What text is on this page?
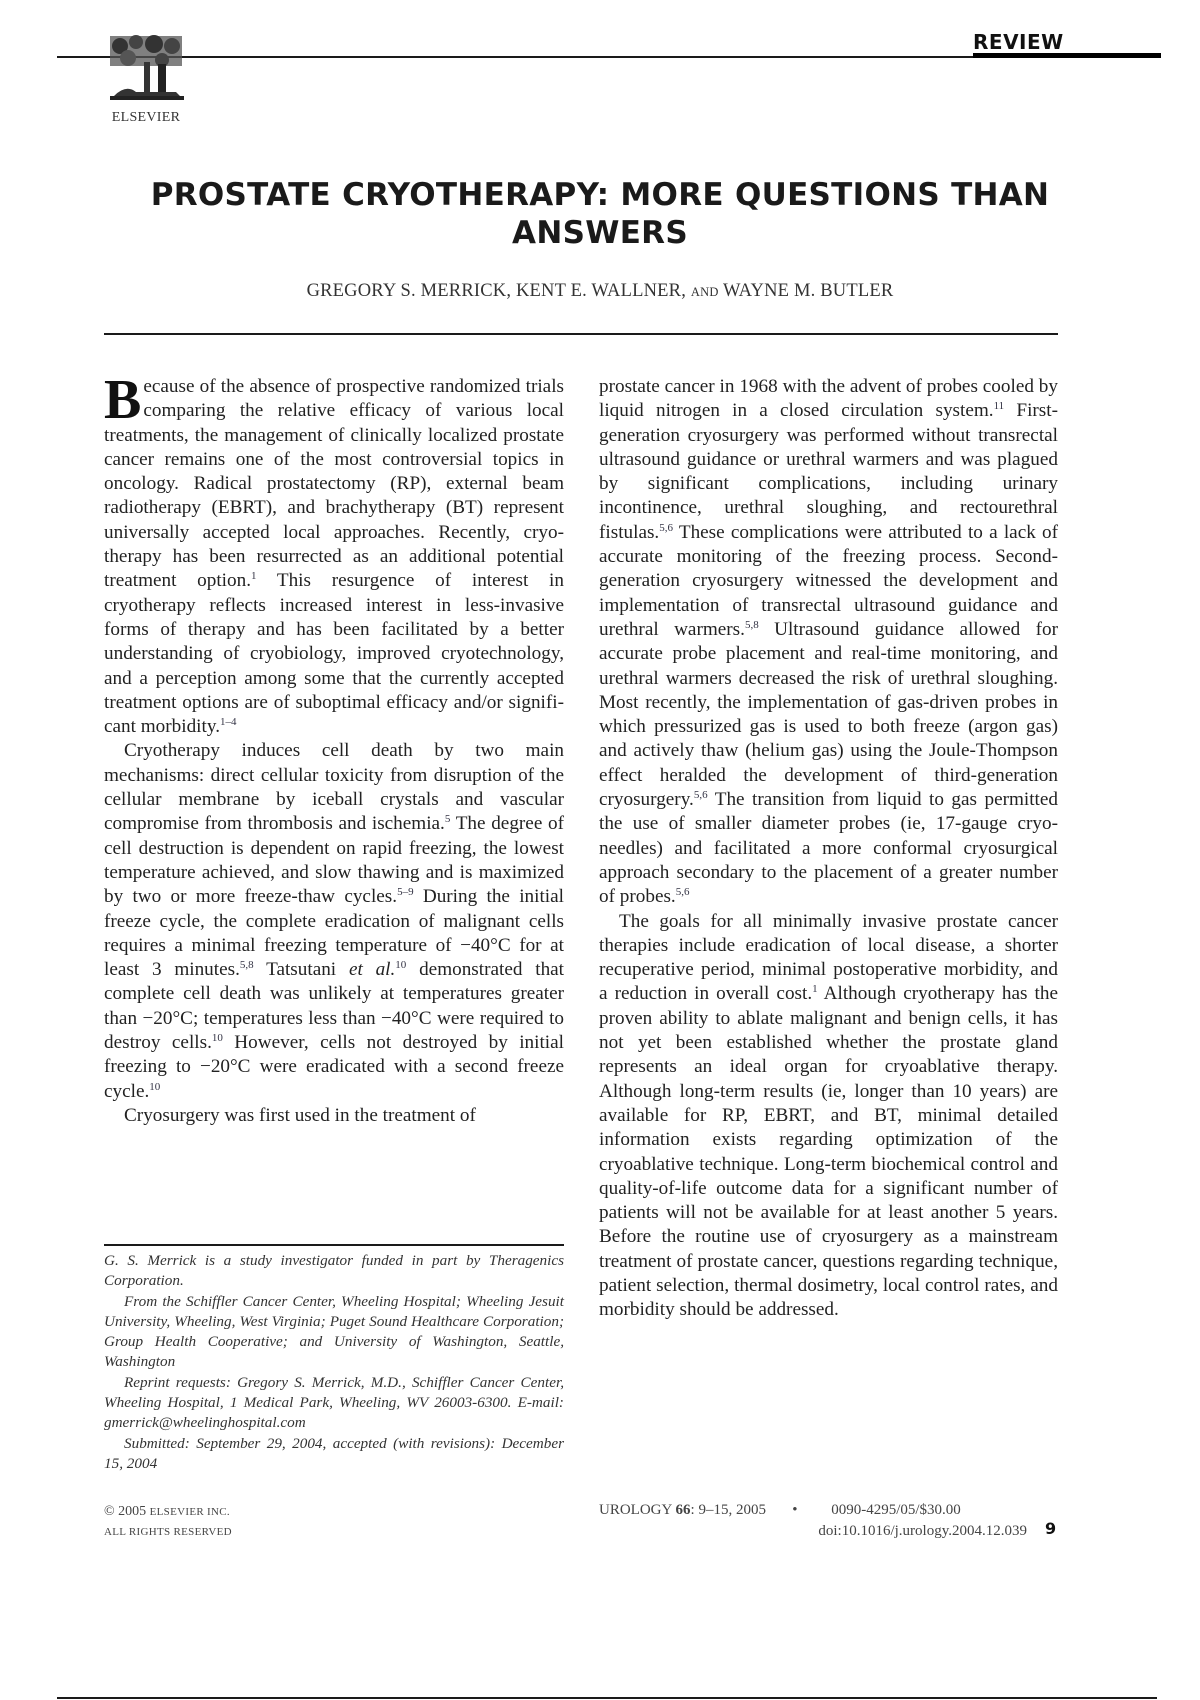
REVIEW
ELSEVIER
PROSTATE CRYOTHERAPY: MORE QUESTIONS THAN ANSWERS
GREGORY S. MERRICK, KENT E. WALLNER, AND WAYNE M. BUTLER

Because of the absence of prospective randomized trials comparing the relative efficacy of various local treatments, the management of clinically localized prostate cancer remains one of the most controversial topics in oncology. Radical prostatectomy (RP), external beam radiotherapy (EBRT), and brachytherapy (BT) represent universally accepted local approaches. Recently, cryotherapy has been resurrected as an additional potential treatment option.$^1$ This resurgence of interest in cryotherapy reflects increased interest in less-invasive forms of therapy and has been facilitated by a better understanding of cryobiology, improved cryotechnology, and a perception among some that the currently accepted treatment options are of suboptimal efficacy and/or significant morbidity.$^{1-4}$

Cryotherapy induces cell death by two main mechanisms: direct cellular toxicity from disruption of the cellular membrane by iceball crystals and vascular compromise from thrombosis and ischemia.$^5$ The degree of cell destruction is dependent on rapid freezing, the lowest temperature achieved, and slow thawing and is maximized by two or more freeze-thaw cycles.$^{5-9}$ During the initial freeze cycle, the complete eradication of malignant cells requires a minimal freezing temperature of −40°C for at least 3 minutes.$^{5,8}$ Tatsutani et al.$^{10}$ demonstrated that complete cell death was unlikely at temperatures greater than −20°C; temperatures less than −40°C were required to destroy cells.$^{10}$ However, cells not destroyed by initial freezing to −20°C were eradicated with a second freeze cycle.$^{10}$

Cryosurgery was first used in the treatment of

G. S. Merrick is a study investigator funded in part by Theragenics Corporation.

From the Schiffler Cancer Center, Wheeling Hospital; Wheeling Jesuit University, Wheeling, West Virginia; Puget Sound Healthcare Corporation; Group Health Cooperative; and University of Washington, Seattle, Washington

Reprint requests: Gregory S. Merrick, M.D., Schiffler Cancer Center, Wheeling Hospital, 1 Medical Park, Wheeling, WV 26003-6300. E-mail: gmerrick@wheelinghospital.com

Submitted: September 29, 2004, accepted (with revisions): December 15, 2004

prostate cancer in 1968 with the advent of probes cooled by liquid nitrogen in a closed circulation system.$^{11}$ First-generation cryosurgery was performed without transrectal ultrasound guidance or urethral warmers and was plagued by significant complications, including urinary incontinence, urethral sloughing, and rectourethral fistulas.$^{5,6}$ These complications were attributed to a lack of accurate monitoring of the freezing process. Second-generation cryosurgery witnessed the development and implementation of transrectal ultrasound guidance and urethral warmers.$^{5,8}$ Ultrasound guidance allowed for accurate probe placement and real-time monitoring, and urethral warmers decreased the risk of urethral sloughing. Most recently, the implementation of gas-driven probes in which pressurized gas is used to both freeze (argon gas) and actively thaw (helium gas) using the Joule-Thompson effect heralded the development of third-generation cryosurgery.$^{5,6}$ The transition from liquid to gas permitted the use of smaller diameter probes (ie, 17-gauge cryoneedles) and facilitated a more conformal cryosurgical approach secondary to the placement of a greater number of probes.$^{5,6}$

The goals for all minimally invasive prostate cancer therapies include eradication of local disease, a shorter recuperative period, minimal postoperative morbidity, and a reduction in overall cost.$^1$ Although cryotherapy has the proven ability to ablate malignant and benign cells, it has not yet been established whether the prostate gland represents an ideal organ for cryoablative therapy. Although long-term results (ie, longer than 10 years) are available for RP, EBRT, and BT, minimal detailed information exists regarding optimization of the cryoablative technique. Long-term biochemical control and quality-of-life outcome data for a significant number of patients will not be available for at least another 5 years. Before the routine use of cryosurgery as a mainstream treatment of prostate cancer, questions regarding technique, patient selection, thermal dosimetry, local control rates, and morbidity should be addressed.

© 2005 ELSEVIER INC.
ALL RIGHTS RESERVED
UROLOGY 66: 9–15, 2005 • 0090-4295/05/$30.00
doi:10.1016/j.urology.2004.12.039	9
